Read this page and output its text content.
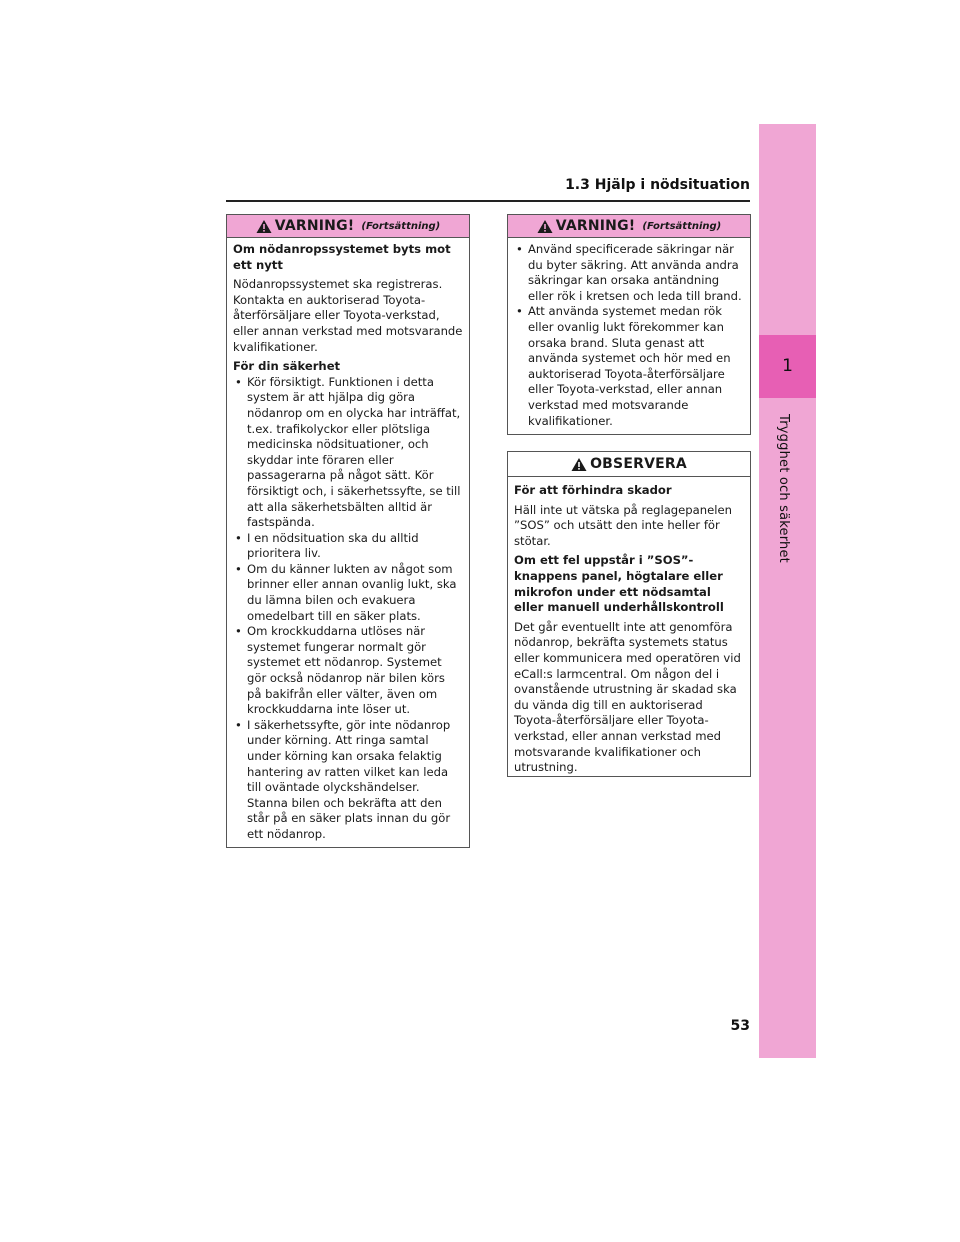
1
Trygghet och säkerhet
1.3 Hjälp i nödsituation
VARNING! (Fortsättning)
Om nödanropssystemet byts mot ett nytt

Nödanropssystemet ska registreras. Kontakta en auktoriserad Toyota-återförsäljare eller Toyota-verkstad, eller annan verkstad med motsvarande kvalifikationer.

För din säkerhet
• Kör försiktigt. Funktionen i detta system är att hjälpa dig göra nödanrop om en olycka har inträffat, t.ex. trafikolyckor eller plötsliga medicinska nödsituationer, och skyddar inte föraren eller passagerarna på något sätt. Kör försiktigt och, i säkerhetssyfte, se till att alla säkerhetsbälten alltid är fastspända.
• I en nödsituation ska du alltid prioritera liv.
• Om du känner lukten av något som brinner eller annan ovanlig lukt, ska du lämna bilen och evakuera omedelbart till en säker plats.
• Om krockkuddarna utlöses när systemet fungerar normalt gör systemet ett nödanrop. Systemet gör också nödanrop när bilen körs på bakifrån eller välter, även om krockkuddarna inte löser ut.
• I säkerhetssyfte, gör inte nödanrop under körning. Att ringa samtal under körning kan orsaka felaktig hantering av ratten vilket kan leda till oväntade olyckshändelser. Stanna bilen och bekräfta att den står på en säker plats innan du gör ett nödanrop.
VARNING! (Fortsättning)
• Använd specificerade säkringar när du byter säkring. Att använda andra säkringar kan orsaka antändning eller rök i kretsen och leda till brand.
• Att använda systemet medan rök eller ovanlig lukt förekommer kan orsaka brand. Sluta genast att använda systemet och hör med en auktoriserad Toyota-återförsäljare eller Toyota-verkstad, eller annan verkstad med motsvarande kvalifikationer.
OBSERVERA
För att förhindra skador

Häll inte ut vätska på reglagepanelen ”SOS” och utsätt den inte heller för stötar.

Om ett fel uppstår i ”SOS”-knappens panel, högtalare eller mikrofon under ett nödsamtal eller manuell underhållskontroll

Det går eventuellt inte att genomföra nödanrop, bekräfta systemets status eller kommunicera med operatören vid eCall:s larmcentral. Om någon del i ovanstående utrustning är skadad ska du vända dig till en auktoriserad Toyota-återförsäljare eller Toyota-verkstad, eller annan verkstad med motsvarande kvalifikationer och utrustning.

53
